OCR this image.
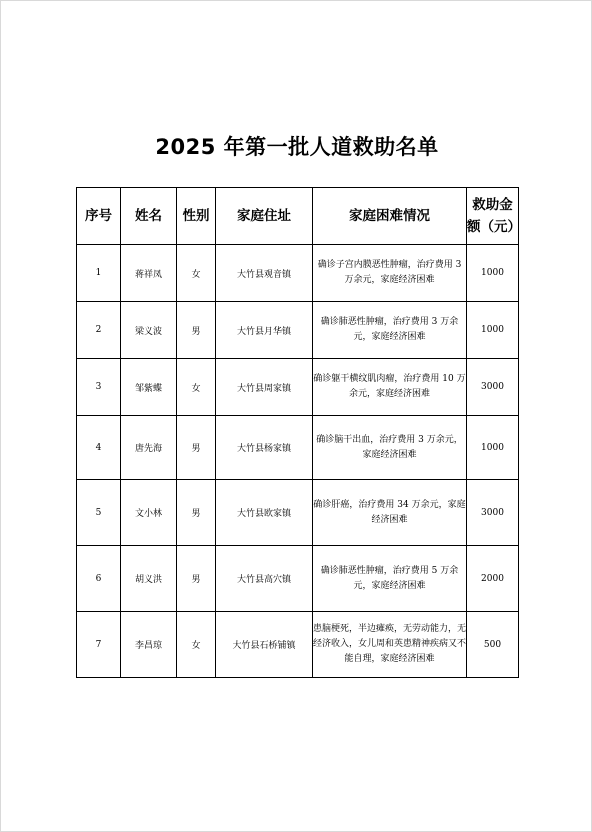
2025 年第一批人道救助名单
序号	姓名	性别	家庭住址	家庭困难情况	救助金额（元）
1	蒋祥凤	女	大竹县观音镇	确诊子宫内膜恶性肿瘤，治疗费用 3 万余元，家庭经济困难	1000
2	梁义波	男	大竹县月华镇	确诊肺恶性肿瘤，治疗费用 3 万余元，家庭经济困难	1000
3	邹紫蝶	女	大竹县周家镇	确诊躯干横纹肌肉瘤，治疗费用 10 万余元，家庭经济困难	3000
4	唐先海	男	大竹县杨家镇	确诊脑干出血，治疗费用 3 万余元，家庭经济困难	1000
5	文小林	男	大竹县欧家镇	确诊肝癌，治疗费用 34 万余元，家庭经济困难	3000
6	胡义洪	男	大竹县高穴镇	确诊肺恶性肿瘤，治疗费用 5 万余元，家庭经济困难	2000
7	李昌琼	女	大竹县石桥铺镇	患脑梗死，半边瘫痪，无劳动能力，无经济收入，女儿周和英患精神疾病又不能自理，家庭经济困难	500
